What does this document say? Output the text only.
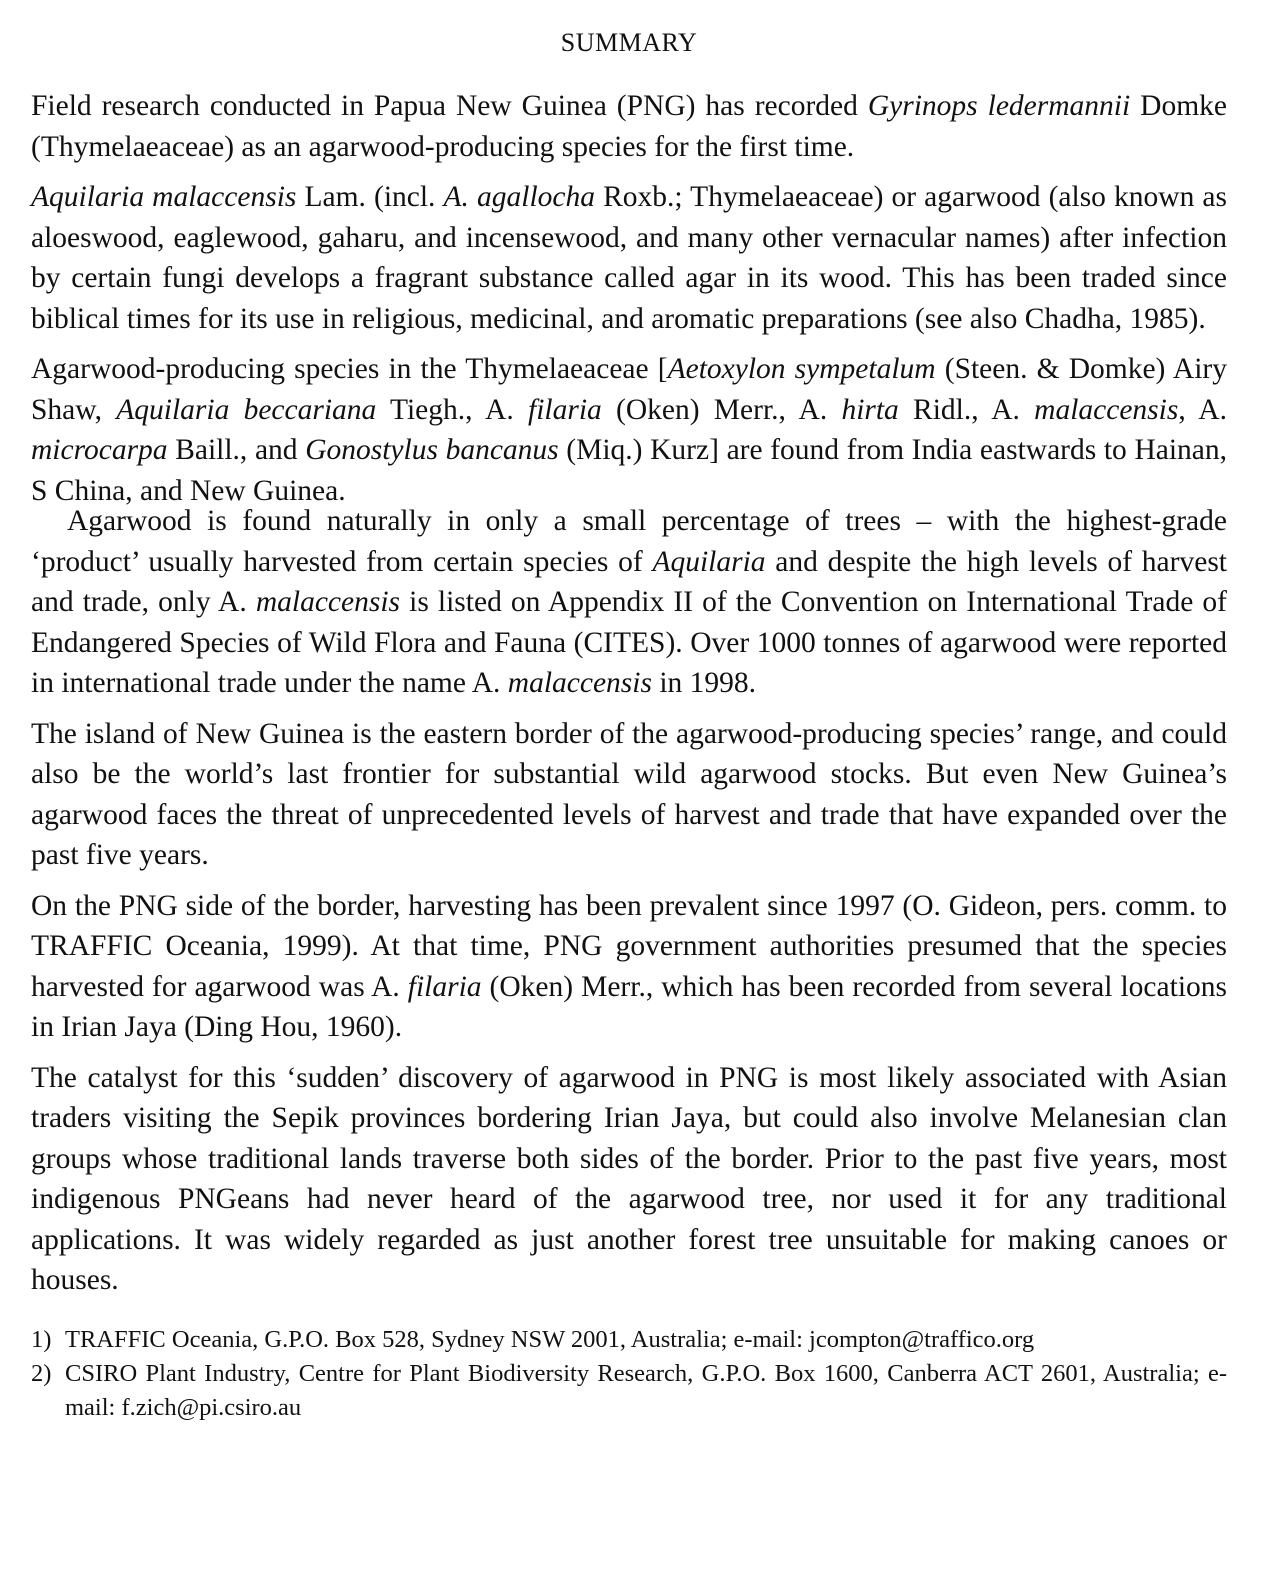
SUMMARY

Field research conducted in Papua New Guinea (PNG) has recorded Gyrinops ledermannii Domke (Thymelaeaceae) as an agarwood-producing species for the first time.

Aquilaria malaccensis Lam. (incl. A. agallocha Roxb.; Thymelaeaceae) or agarwood (also known as aloeswood, eaglewood, gaharu, and incensewood, and many other vernacular names) after infection by certain fungi develops a fragrant substance called agar in its wood. This has been traded since biblical times for its use in religious, medicinal, and aromatic preparations (see also Chadha, 1985).

Agarwood-producing species in the Thymelaeaceae [Aetoxylon sympetalum (Steen. & Domke) Airy Shaw, Aquilaria beccariana Tiegh., A. filaria (Oken) Merr., A. hirta Ridl., A. malaccensis, A. microcarpa Baill., and Gonostylus bancanus (Miq.) Kurz] are found from India eastwards to Hainan, S China, and New Guinea.

Agarwood is found naturally in only a small percentage of trees – with the highest-grade ‘product’ usually harvested from certain species of Aquilaria and despite the high levels of harvest and trade, only A. malaccensis is listed on Appendix II of the Convention on International Trade of Endangered Species of Wild Flora and Fauna (CITES). Over 1000 tonnes of agarwood were reported in international trade under the name A. malaccensis in 1998.

The island of New Guinea is the eastern border of the agarwood-producing species’ range, and could also be the world’s last frontier for substantial wild agarwood stocks. But even New Guinea’s agarwood faces the threat of unprecedented levels of harvest and trade that have expanded over the past five years.

On the PNG side of the border, harvesting has been prevalent since 1997 (O. Gideon, pers. comm. to TRAFFIC Oceania, 1999). At that time, PNG government authorities presumed that the species harvested for agarwood was A. filaria (Oken) Merr., which has been recorded from several locations in Irian Jaya (Ding Hou, 1960).

The catalyst for this ‘sudden’ discovery of agarwood in PNG is most likely associated with Asian traders visiting the Sepik provinces bordering Irian Jaya, but could also involve Melanesian clan groups whose traditional lands traverse both sides of the border. Prior to the past five years, most indigenous PNGeans had never heard of the agarwood tree, nor used it for any traditional applications. It was widely regarded as just another forest tree unsuitable for making canoes or houses.

1) TRAFFIC Oceania, G.P.O. Box 528, Sydney NSW 2001, Australia; e-mail: jcompton@traffico.org
2) CSIRO Plant Industry, Centre for Plant Biodiversity Research, G.P.O. Box 1600, Canberra ACT 2601, Australia; e-mail: f.zich@pi.csiro.au
